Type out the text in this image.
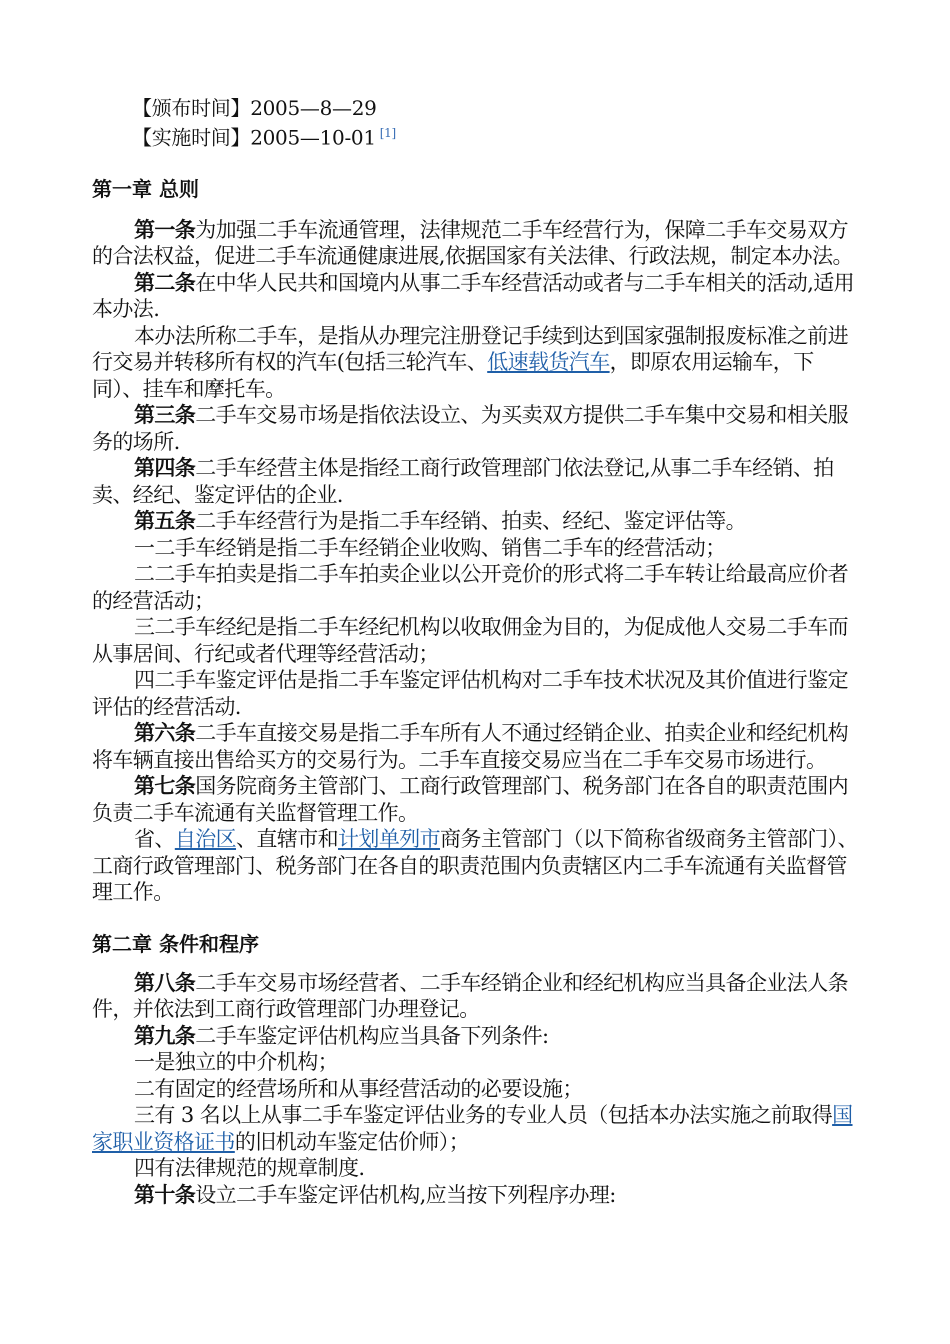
【颁布时间】2005—8—29

【实施时间】2005—10-01 [1]

第一章 总则

第一条为加强二手车流通管理，法律规范二手车经营行为，保障二手车交易双方的合法权益，促进二手车流通健康进展,依据国家有关法律、行政法规，制定本办法。

第二条在中华人民共和国境内从事二手车经营活动或者与二手车相关的活动,适用本办法.

本办法所称二手车，是指从办理完注册登记手续到达到国家强制报废标准之前进行交易并转移所有权的汽车(包括三轮汽车、低速载货汽车，即原农用运输车，下同）、挂车和摩托车。

第三条二手车交易市场是指依法设立、为买卖双方提供二手车集中交易和相关服务的场所.

第四条二手车经营主体是指经工商行政管理部门依法登记,从事二手车经销、拍卖、经纪、鉴定评估的企业.

第五条二手车经营行为是指二手车经销、拍卖、经纪、鉴定评估等。

一二手车经销是指二手车经销企业收购、销售二手车的经营活动；

二二手车拍卖是指二手车拍卖企业以公开竞价的形式将二手车转让给最高应价者的经营活动；

三二手车经纪是指二手车经纪机构以收取佣金为目的，为促成他人交易二手车而从事居间、行纪或者代理等经营活动；

四二手车鉴定评估是指二手车鉴定评估机构对二手车技术状况及其价值进行鉴定评估的经营活动.

第六条二手车直接交易是指二手车所有人不通过经销企业、拍卖企业和经纪机构将车辆直接出售给买方的交易行为。二手车直接交易应当在二手车交易市场进行。

第七条国务院商务主管部门、工商行政管理部门、税务部门在各自的职责范围内负责二手车流通有关监督管理工作。

省、自治区、直辖市和计划单列市商务主管部门（以下简称省级商务主管部门）、工商行政管理部门、税务部门在各自的职责范围内负责辖区内二手车流通有关监督管理工作。

第二章 条件和程序

第八条二手车交易市场经营者、二手车经销企业和经纪机构应当具备企业法人条件，并依法到工商行政管理部门办理登记。

第九条二手车鉴定评估机构应当具备下列条件:

一是独立的中介机构；

二有固定的经营场所和从事经营活动的必要设施；

三有 3 名以上从事二手车鉴定评估业务的专业人员（包括本办法实施之前取得国家职业资格证书的旧机动车鉴定估价师）；

四有法律规范的规章制度.

第十条设立二手车鉴定评估机构,应当按下列程序办理:
